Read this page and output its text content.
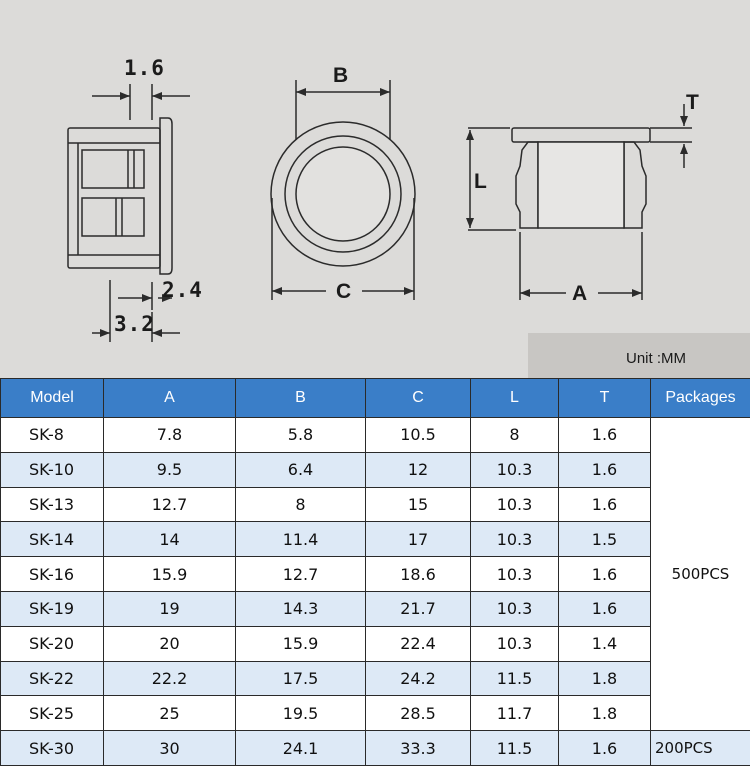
1.6
2.4
3.2
B
C
L
T
A
Unit :MM
Model	A	B	C	L	T	Packages
SK-8	7.8	5.8	10.5	8	1.6	500PCS
SK-10	9.5	6.4	12	10.3	1.6	
SK-13	12.7	8	15	10.3	1.6	
SK-14	14	11.4	17	10.3	1.5	
SK-16	15.9	12.7	18.6	10.3	1.6	
SK-19	19	14.3	21.7	10.3	1.6	
SK-20	20	15.9	22.4	10.3	1.4	
SK-22	22.2	17.5	24.2	11.5	1.8	
SK-25	25	19.5	28.5	11.7	1.8	
SK-30	30	24.1	33.3	11.5	1.6	200PCS
